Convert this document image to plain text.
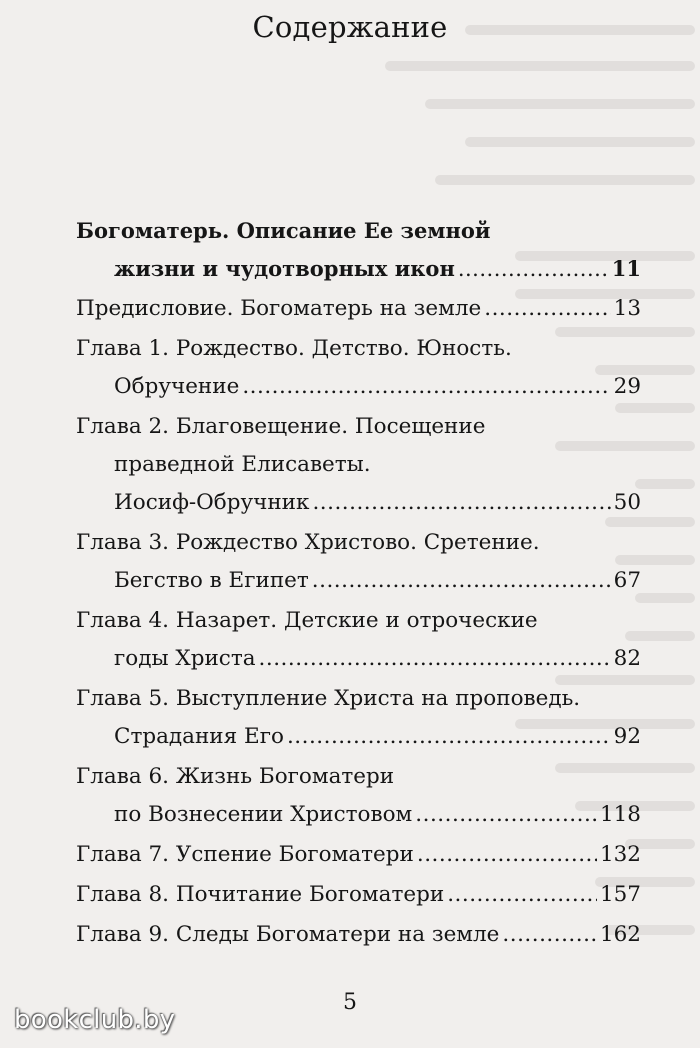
Содержание
Богоматерь. Описание Ее земной
жизни и чудотворных икон .....	11
Предисловие. Богоматерь на земле .....	13
Глава 1. Рождество. Детство. Юность.
Обручение .....	29
Глава 2. Благовещение. Посещение
праведной Елисаветы.
Иосиф-Обручник .....	50
Глава 3. Рождество Христово. Сретение.
Бегство в Египет .....	67
Глава 4. Назарет. Детские и отроческие
годы Христа .....	82
Глава 5. Выступление Христа на проповедь.
Страдания Его .....	92
Глава 6. Жизнь Богоматери
по Вознесении Христовом .....	118
Глава 7. Успение Богоматери .....	132
Глава 8. Почитание Богоматери .....	157
Глава 9. Следы Богоматери на земле .....	162
5
bookclub.by
